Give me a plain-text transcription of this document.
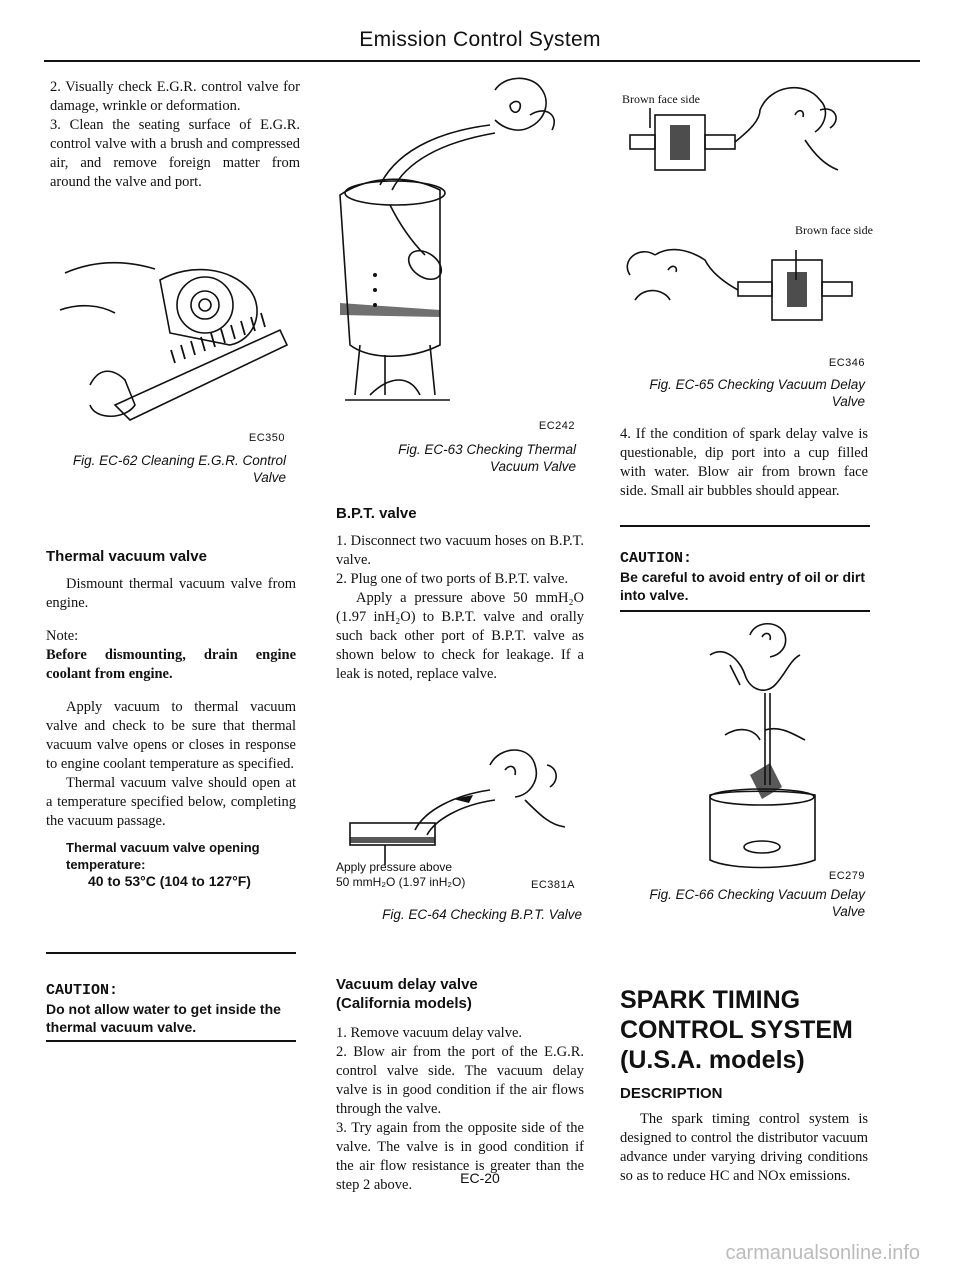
Emission Control System

2. Visually check E.G.R. control valve for damage, wrinkle or deformation.

3. Clean the seating surface of E.G.R. control valve with a brush and compressed air, and remove foreign matter from around the valve and port.

EC350
Fig. EC-62 Cleaning E.G.R. Control
Valve
Thermal vacuum valve

Dismount thermal vacuum valve from engine.

Note:

Before dismounting, drain engine coolant from engine.

Apply vacuum to thermal vacuum valve and check to be sure that thermal vacuum valve opens or closes in response to engine coolant temperature as specified.

Thermal vacuum valve should open at a temperature specified below, completing the vacuum passage.

Thermal vacuum valve opening
temperature:
40 to 53°C (104 to 127°F)
CAUTION:
Do not allow water to get inside the thermal vacuum valve.
EC242
Fig. EC-63 Checking Thermal
Vacuum Valve
B.P.T. valve

1. Disconnect two vacuum hoses on B.P.T. valve.

2. Plug one of two ports of B.P.T. valve.

Apply a pressure above 50 mmH₂O (1.97 inH₂O) to B.P.T. valve and orally such back other port of B.P.T. valve as shown below to check for leakage. If a leak is noted, replace valve.

Apply pressure above
50 mmH₂O (1.97 inH₂O)	EC381A
Fig. EC-64 Checking B.P.T. Valve
Vacuum delay valve
(California models)

1. Remove vacuum delay valve.

2. Blow air from the port of the E.G.R. control valve side. The vacuum delay valve is in good condition if the air flows through the valve.

3. Try again from the opposite side of the valve. The valve is in good condition if the air flow resistance is greater than the step 2 above.

Brown face side
Brown face side
EC346
Fig. EC-65 Checking Vacuum Delay
Valve

4. If the condition of spark delay valve is questionable, dip port into a cup filled with water. Blow air from brown face side. Small air bubbles should appear.

CAUTION:
Be careful to avoid entry of oil or dirt into valve.
EC279
Fig. EC-66 Checking Vacuum Delay
Valve
SPARK TIMING
CONTROL SYSTEM
(U.S.A. models)
DESCRIPTION

The spark timing control system is designed to control the distributor vacuum advance under varying driving conditions so as to reduce HC and NOx emissions.

EC-20
carmanualsonline.info
